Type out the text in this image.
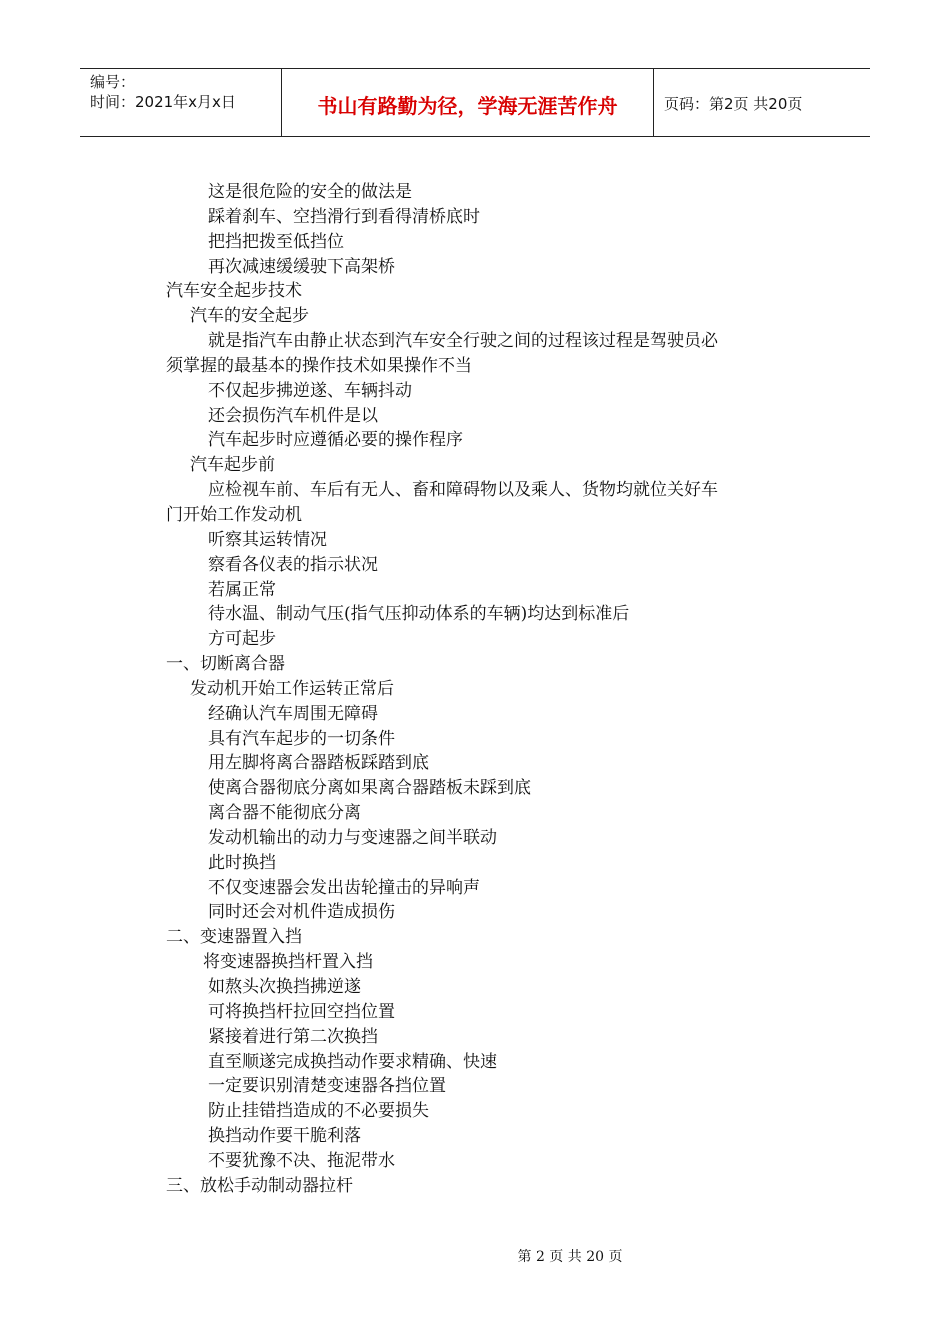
编号：
时间：2021年x月x日	书山有路勤为径，学海无涯苦作舟	页码：第2页 共20页
这是很危险的安全的做法是
踩着刹车、空挡滑行到看得清桥底时
把挡把拨至低挡位
再次减速缓缓驶下高架桥
汽车安全起步技术
汽车的安全起步
就是指汽车由静止状态到汽车安全行驶之间的过程该过程是驾驶员必
须掌握的最基本的操作技术如果操作不当
不仅起步拂逆遂、车辆抖动
还会损伤汽车机件是以
汽车起步时应遵循必要的操作程序
汽车起步前
应检视车前、车后有无人、畜和障碍物以及乘人、货物均就位关好车
门开始工作发动机
听察其运转情况
察看各仪表的指示状况
若属正常
待水温、制动气压(指气压抑动体系的车辆)均达到标准后
方可起步
一、切断离合器
发动机开始工作运转正常后
经确认汽车周围无障碍
具有汽车起步的一切条件
用左脚将离合器踏板踩踏到底
使离合器彻底分离如果离合器踏板未踩到底
离合器不能彻底分离
发动机输出的动力与变速器之间半联动
此时换挡
不仅变速器会发出齿轮撞击的异响声
同时还会对机件造成损伤
二、变速器置入挡
将变速器换挡杆置入挡
如熬头次换挡拂逆遂
可将换挡杆拉回空挡位置
紧接着进行第二次换挡
直至顺遂完成换挡动作要求精确、快速
一定要识别清楚变速器各挡位置
防止挂错挡造成的不必要损失
换挡动作要干脆利落
不要犹豫不决、拖泥带水
三、放松手动制动器拉杆
第 2 页 共 20 页
